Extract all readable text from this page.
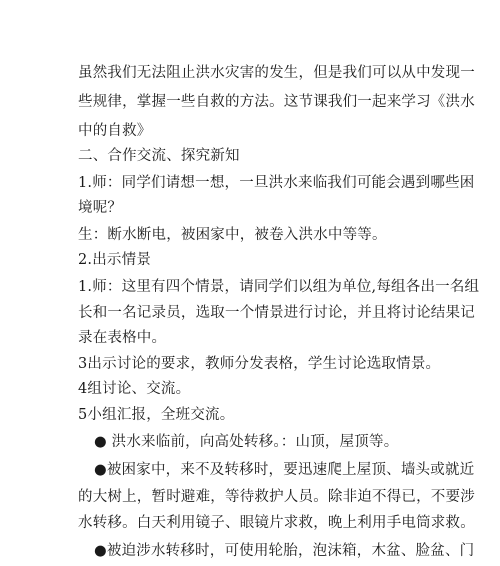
虽然我们无法阻止洪水灾害的发生，但是我们可以从中发现一
些规律，掌握一些自救的方法。这节课我们一起来学习《洪水
中的自救》
二、合作交流、探究新知
1.师：同学们请想一想，一旦洪水来临我们可能会遇到哪些困
境呢？
生：断水断电，被困家中，被卷入洪水中等等。
2.出示情景
1.师：这里有四个情景，请同学们以组为单位,每组各出一名组
长和一名记录员，选取一个情景进行讨论，并且将讨论结果记
录在表格中。
3出示讨论的要求，教师分发表格，学生讨论选取情景。
4组讨论、交流。
5小组汇报，全班交流。
● 洪水来临前，向高处转移。：山顶，屋顶等。
●被困家中，来不及转移时，要迅速爬上屋顶、墙头或就近
的大树上，暂时避难，等待救护人员。除非迫不得已，不要涉
水转移。白天利用镜子、眼镜片求救，晚上利用手电筒求救。
●被迫涉水转移时，可使用轮胎，泡沫箱，木盆、脸盆、门
